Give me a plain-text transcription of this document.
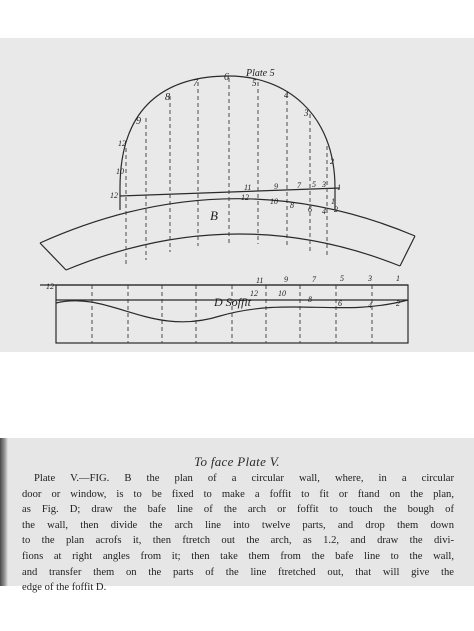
Plate 5
B
D Soffit
12
10
9
8
7
6	5
4
3
2
1
12
12
11	9 7 5 3 1
12	10 8 6 4 2
11	9	7	5	3	1
12	10
8	6	4	2
To face Plate V.
Plate V.—FIG. B the plan of a circular wall, where, in a circular
door or window, is to be fixed to make a foffit to fit or ftand on the plan,
as Fig. D; draw the bafe line of the arch or foffit to touch the bough of
the wall, then divide the arch line into twelve parts, and drop them down
to the plan acrofs it, then ftretch out the arch, as 1.2, and draw the divi-
fions at right angles from it; then take them from the bafe line to the wall,
and transfer them on the parts of the line ftretched out, that will give the
edge of the foffit D.
